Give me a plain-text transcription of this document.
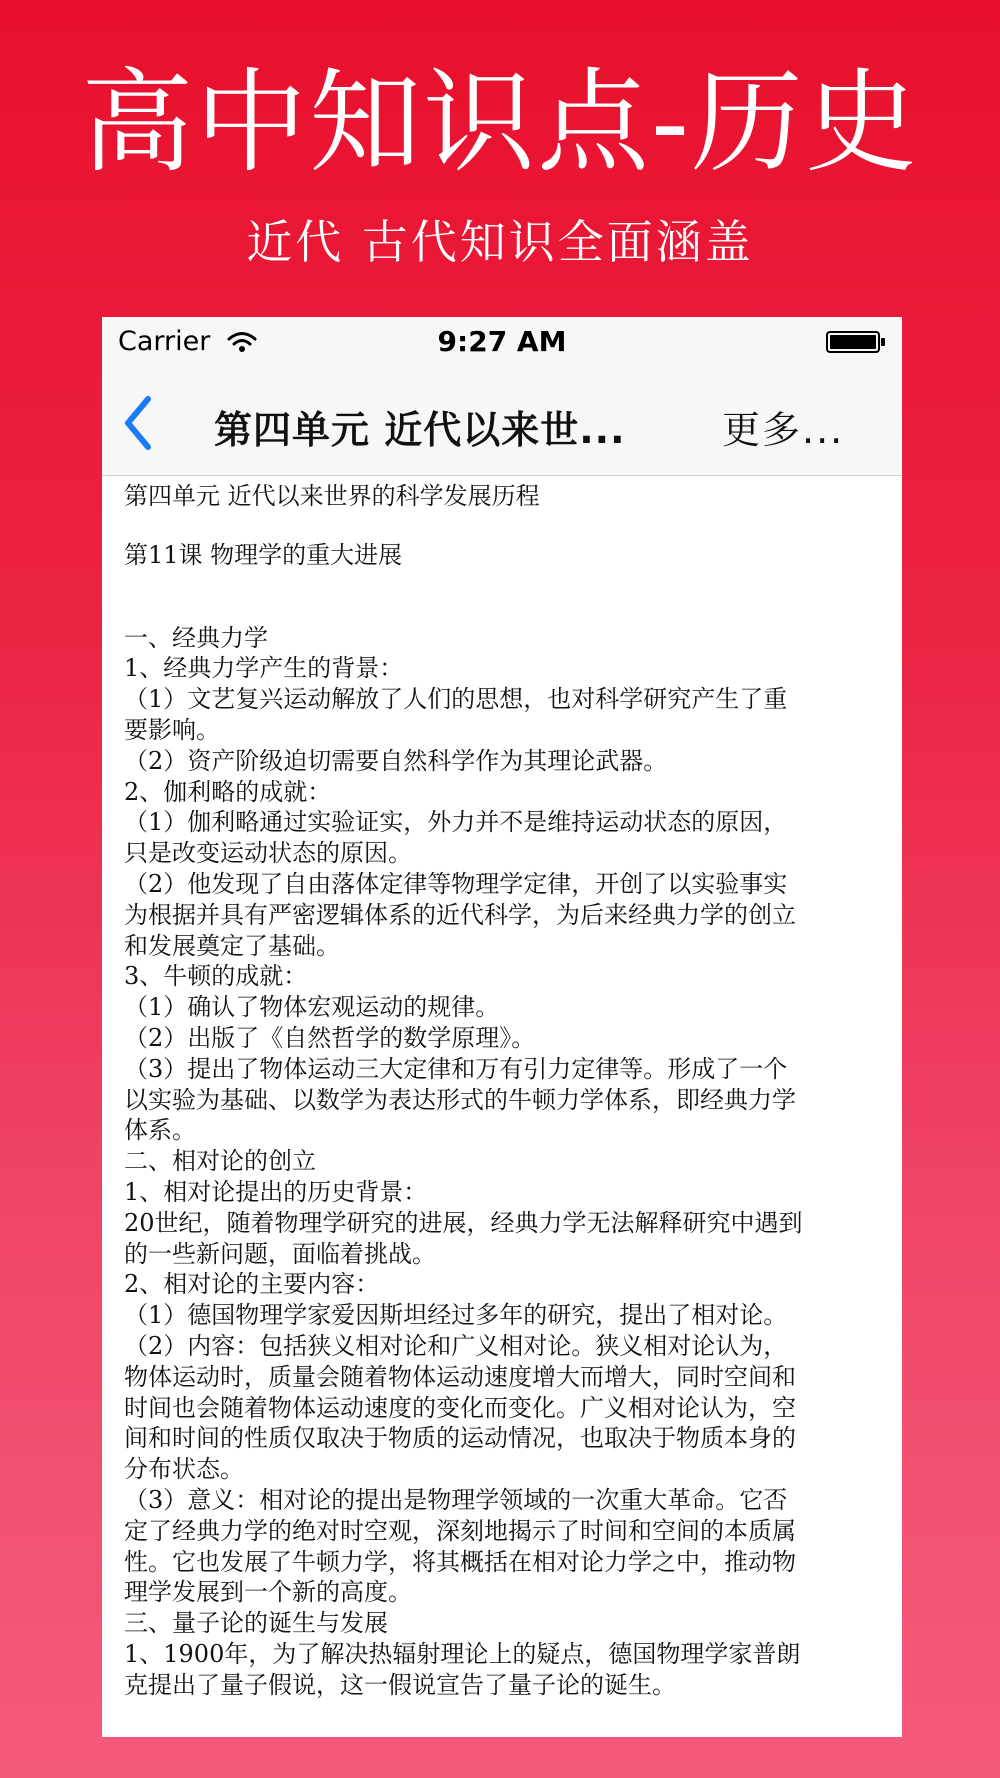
高中知识点-历史
近代 古代知识全面涵盖
Carrier	9:27 AM
第四单元 近代以来世...	更多...
第四单元 近代以来世界的科学发展历程
第11课 物理学的重大进展
一、经典力学
1、经典力学产生的背景：
（1）文艺复兴运动解放了人们的思想，也对科学研究产生了重
要影响。
（2）资产阶级迫切需要自然科学作为其理论武器。
2、伽利略的成就：
（1）伽利略通过实验证实，外力并不是维持运动状态的原因，
只是改变运动状态的原因。
（2）他发现了自由落体定律等物理学定律，开创了以实验事实
为根据并具有严密逻辑体系的近代科学，为后来经典力学的创立
和发展奠定了基础。
3、牛顿的成就：
（1）确认了物体宏观运动的规律。
（2）出版了《自然哲学的数学原理》。
（3）提出了物体运动三大定律和万有引力定律等。形成了一个
以实验为基础、以数学为表达形式的牛顿力学体系，即经典力学
体系。
二、相对论的创立
1、相对论提出的历史背景：
20世纪，随着物理学研究的进展，经典力学无法解释研究中遇到
的一些新问题，面临着挑战。
2、相对论的主要内容：
（1）德国物理学家爱因斯坦经过多年的研究，提出了相对论。
（2）内容：包括狭义相对论和广义相对论。狭义相对论认为，
物体运动时，质量会随着物体运动速度增大而增大，同时空间和
时间也会随着物体运动速度的变化而变化。广义相对论认为，空
间和时间的性质仅取决于物质的运动情况，也取决于物质本身的
分布状态。
（3）意义：相对论的提出是物理学领域的一次重大革命。它否
定了经典力学的绝对时空观，深刻地揭示了时间和空间的本质属
性。它也发展了牛顿力学，将其概括在相对论力学之中，推动物
理学发展到一个新的高度。
三、量子论的诞生与发展
1、1900年，为了解决热辐射理论上的疑点，德国物理学家普朗
克提出了量子假说，这一假说宣告了量子论的诞生。
